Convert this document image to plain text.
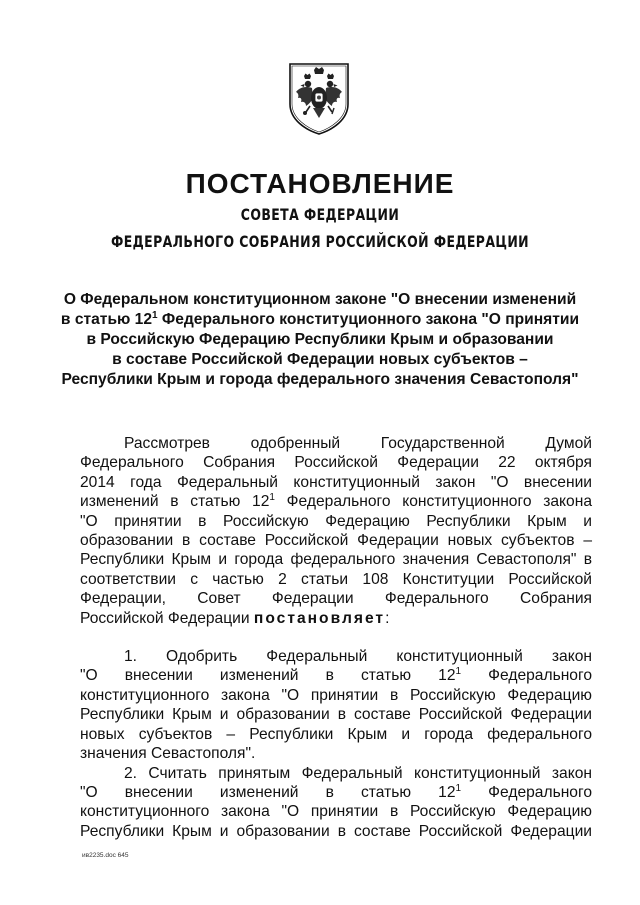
ПОСТАНОВЛЕНИЕ
СОВЕТА ФЕДЕРАЦИИ
ФЕДЕРАЛЬНОГО СОБРАНИЯ РОССИЙСКОЙ ФЕДЕРАЦИИ
О Федеральном конституционном законе "О внесении изменений
в статью $12^1$ Федерального конституционного закона "О принятии
в Российскую Федерацию Республики Крым и образовании
в составе Российской Федерации новых субъектов –
Республики Крым и города федерального значения Севастополя"
Рассмотрев одобренный Государственной Думой
Федерального Собрания Российской Федерации 22 октября
2014 года Федеральный конституционный закон "О внесении
изменений в статью $12^1$ Федерального конституционного закона
"О принятии в Российскую Федерацию Республики Крым и
образовании в составе Российской Федерации новых субъектов –
Республики Крым и города федерального значения Севастополя" в
соответствии с частью 2 статьи 108 Конституции Российской
Федерации, Совет Федерации Федерального Собрания
Российской Федерации постановляет:
1. Одобрить Федеральный конституционный закон
"О внесении изменений в статью $12^1$ Федерального
конституционного закона "О принятии в Российскую Федерацию
Республики Крым и образовании в составе Российской Федерации
новых субъектов – Республики Крым и города федерального
значения Севастополя".
2. Считать принятым Федеральный конституционный закон
"О внесении изменений в статью $12^1$ Федерального
конституционного закона "О принятии в Российскую Федерацию
Республики Крым и образовании в составе Российской Федерации
ив2235.doc 645
